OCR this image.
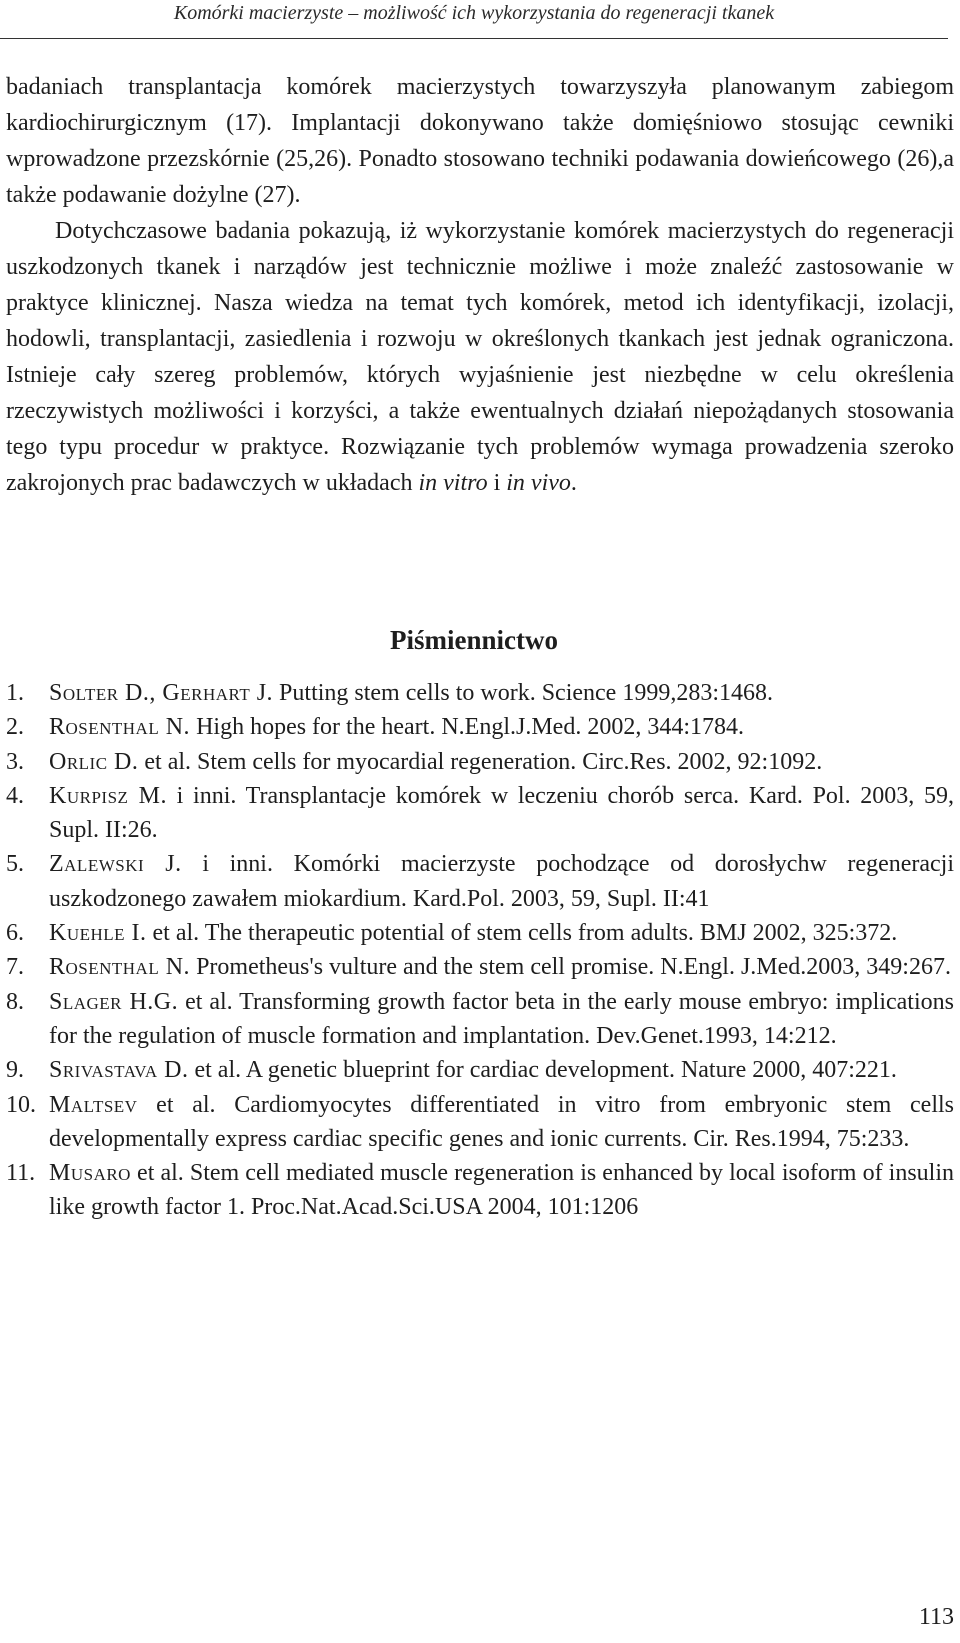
Komórki macierzyste – możliwość ich wykorzystania do regeneracji tkanek

badaniach transplantacja komórek macierzystych towarzyszyła planowanym zabiegom kardiochirurgicznym (17). Implantacji dokonywano także domięśniowo stosując cewniki wprowadzone przezskórnie (25,26). Ponadto stosowano techniki podawania dowieńcowego (26),a także podawanie dożylne (27).

Dotychczasowe badania pokazują, iż wykorzystanie komórek macierzystych do regeneracji uszkodzonych tkanek i narządów jest technicznie możliwe i może znaleźć zastosowanie w praktyce klinicznej. Nasza wiedza na temat tych komórek, metod ich identyfikacji, izolacji, hodowli, transplantacji, zasiedlenia i rozwoju w określonych tkankach jest jednak ograniczona. Istnieje cały szereg problemów, których wyjaśnienie jest niezbędne w celu określenia rzeczywistych możliwości i korzyści, a także ewentualnych działań niepożądanych stosowania tego typu procedur w praktyce. Rozwiązanie tych problemów wymaga prowadzenia szeroko zakrojonych prac badawczych w układach in vitro i in vivo.

Piśmiennictwo
1. Solter D., Gerhart J. Putting stem cells to work. Science 1999,283:1468.
2. Rosenthal N. High hopes for the heart. N.Engl.J.Med. 2002, 344:1784.
3. Orlic D. et al. Stem cells for myocardial regeneration. Circ.Res. 2002, 92:1092.
4. Kurpisz M. i inni. Transplantacje komórek w leczeniu chorób serca. Kard. Pol. 2003, 59, Supl. II:26.
5. Zalewski J. i inni. Komórki macierzyste pochodzące od dorosłychw regeneracji uszkodzonego zawałem miokardium. Kard.Pol. 2003, 59, Supl. II:41
6. Kuehle I. et al. The therapeutic potential of stem cells from adults. BMJ 2002, 325:372.
7. Rosenthal N. Prometheus's vulture and the stem cell promise. N.Engl. J.Med.2003, 349:267.
8. Slager H.G. et al. Transforming growth factor beta in the early mouse embryo: implications for the regulation of muscle formation and implantation. Dev.Genet.1993, 14:212.
9. Srivastava D. et al. A genetic blueprint for cardiac development. Nature 2000, 407:221.
10. Maltsev et al. Cardiomyocytes differentiated in vitro from embryonic stem cells developmentally express cardiac specific genes and ionic currents. Cir. Res.1994, 75:233.
11. Musaro et al. Stem cell mediated muscle regeneration is enhanced by local isoform of insulin like growth factor 1. Proc.Nat.Acad.Sci.USA 2004, 101:1206
113
